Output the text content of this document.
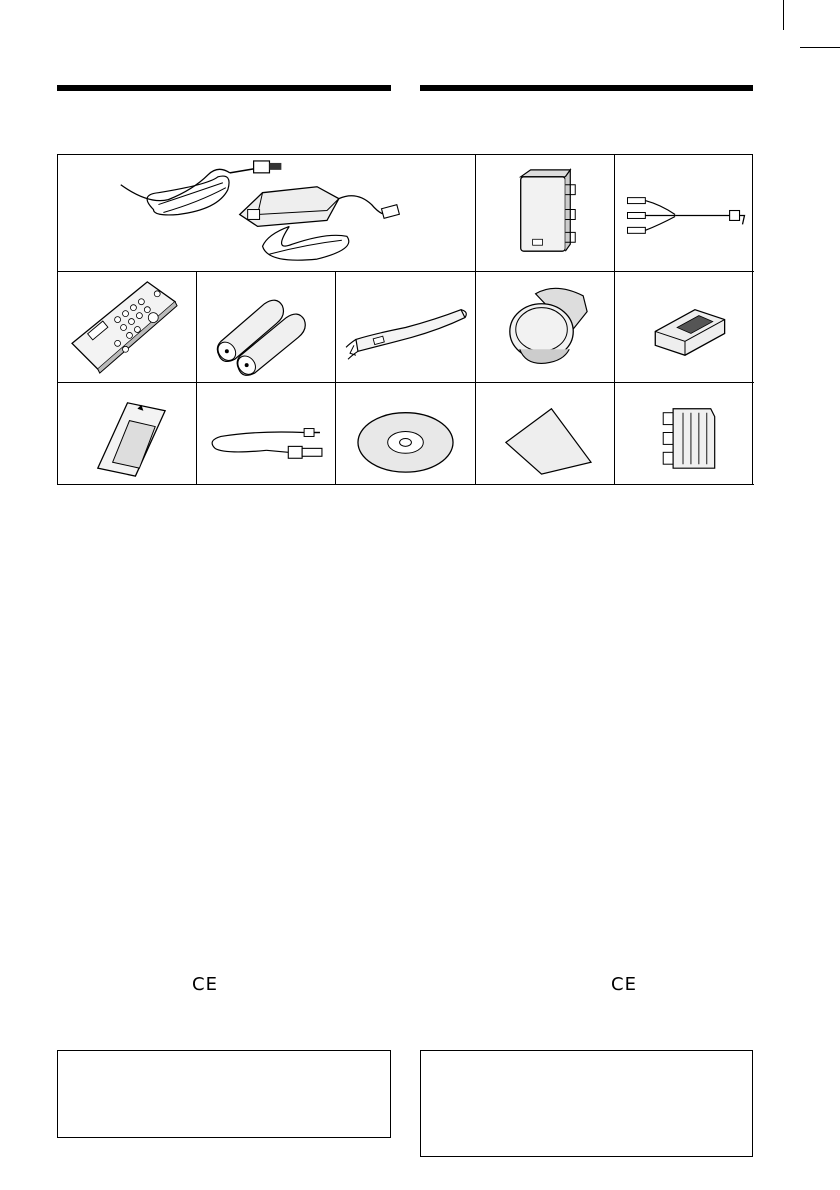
CE	CE
